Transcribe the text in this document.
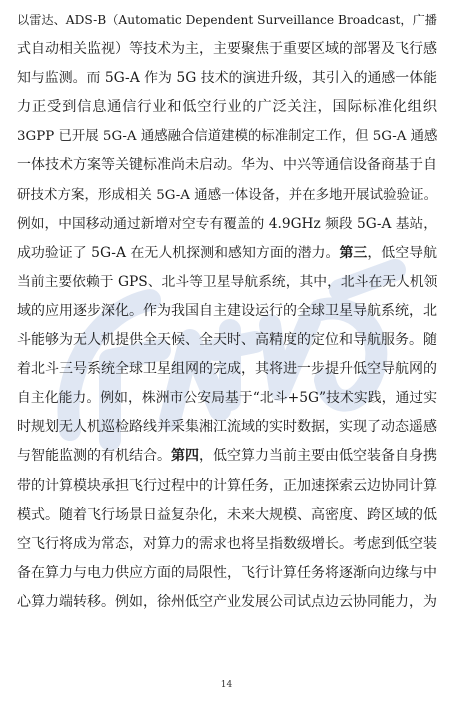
以雷达、ADS-B（Automatic Dependent Surveillance Broadcast，广播
式自动相关监视）等技术为主，主要聚焦于重要区域的部署及飞行感
知与监测。而 5G-A 作为 5G 技术的演进升级，其引入的通感一体能
力正受到信息通信行业和低空行业的广泛关注，国际标准化组织
3GPP 已开展 5G-A 通感融合信道建模的标准制定工作，但 5G-A 通感
一体技术方案等关键标准尚未启动。华为、中兴等通信设备商基于自
研技术方案，形成相关 5G-A 通感一体设备，并在多地开展试验验证。
例如，中国移动通过新增对空专有覆盖的 4.9GHz 频段 5G-A 基站，
成功验证了 5G-A 在无人机探测和感知方面的潜力。第三，低空导航
当前主要依赖于 GPS、北斗等卫星导航系统，其中，北斗在无人机领
域的应用逐步深化。作为我国自主建设运行的全球卫星导航系统，北
斗能够为无人机提供全天候、全天时、高精度的定位和导航服务。随
着北斗三号系统全球卫星组网的完成，其将进一步提升低空导航网的
自主化能力。例如，株洲市公安局基于“北斗+5G”技术实践，通过实
时规划无人机巡检路线并采集湘江流域的实时数据，实现了动态遥感
与智能监测的有机结合。第四，低空算力当前主要由低空装备自身携
带的计算模块承担飞行过程中的计算任务，正加速探索云边协同计算
模式。随着飞行场景日益复杂化，未来大规模、高密度、跨区域的低
空飞行将成为常态，对算力的需求也将呈指数级增长。考虑到低空装
备在算力与电力供应方面的局限性，飞行计算任务将逐渐向边缘与中
心算力端转移。例如，徐州低空产业发展公司试点边云协同能力，为
14
